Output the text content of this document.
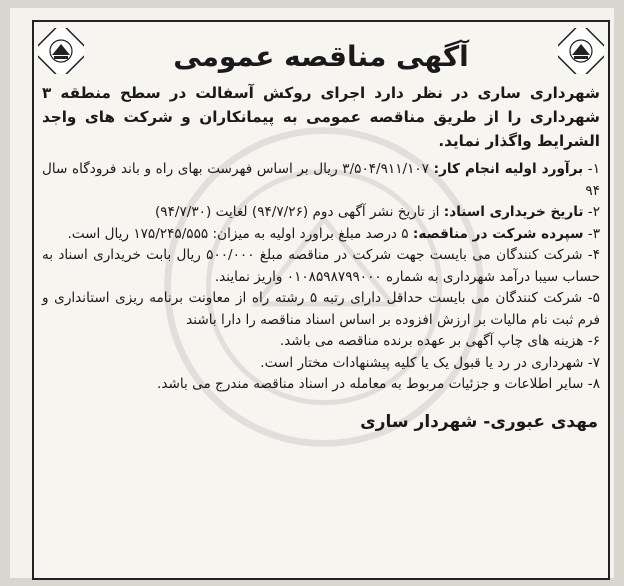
آگهی مناقصه عمومی
شهرداری ساری در نظر دارد اجرای روکش آسفالت در سطح منطقه ۳ شهرداری را از طریق مناقصه عمومی به پیمانکاران و شرکت های واجد الشرایط واگذار نماید.
۱- برآورد اولیه انجام کار: ۳/۵۰۴/۹۱۱/۱۰۷ ریال بر اساس فهرست بهای راه و باند فرودگاه سال ۹۴
۲- تاریخ خریداری اسناد: از تاریخ نشر آگهی دوم (۹۴/۷/۲۶) لغایت (۹۴/۷/۳۰)
۳- سپرده شرکت در مناقصه: ۵ درصد مبلغ براورد اولیه به میزان: ۱۷۵/۲۴۵/۵۵۵ ریال است.
۴- شرکت کنندگان می بایست جهت شرکت در مناقصه مبلغ ۵۰۰/۰۰۰ ریال بابت خریداری اسناد به حساب سیبا درآمد شهرداری به شماره ۰۱۰۸۵۹۸۷۹۹۰۰۰ واریز نمایند.
۵- شرکت کنندگان می بایست حداقل دارای رتبه ۵ رشته راه از معاونت برنامه ریزی استانداری و فرم ثبت نام مالیات بر ارزش افزوده بر اساس اسناد مناقصه را دارا باشند
۶- هزینه های چاپ آگهی بر عهده برنده مناقصه می باشد.
۷- شهرداری در رد یا قبول یک یا کلیه پیشنهادات مختار است.
۸- سایر اطلاعات و جزئیات مربوط به معامله در اسناد مناقصه مندرج می باشد.
مهدی عبوری- شهردار ساری
